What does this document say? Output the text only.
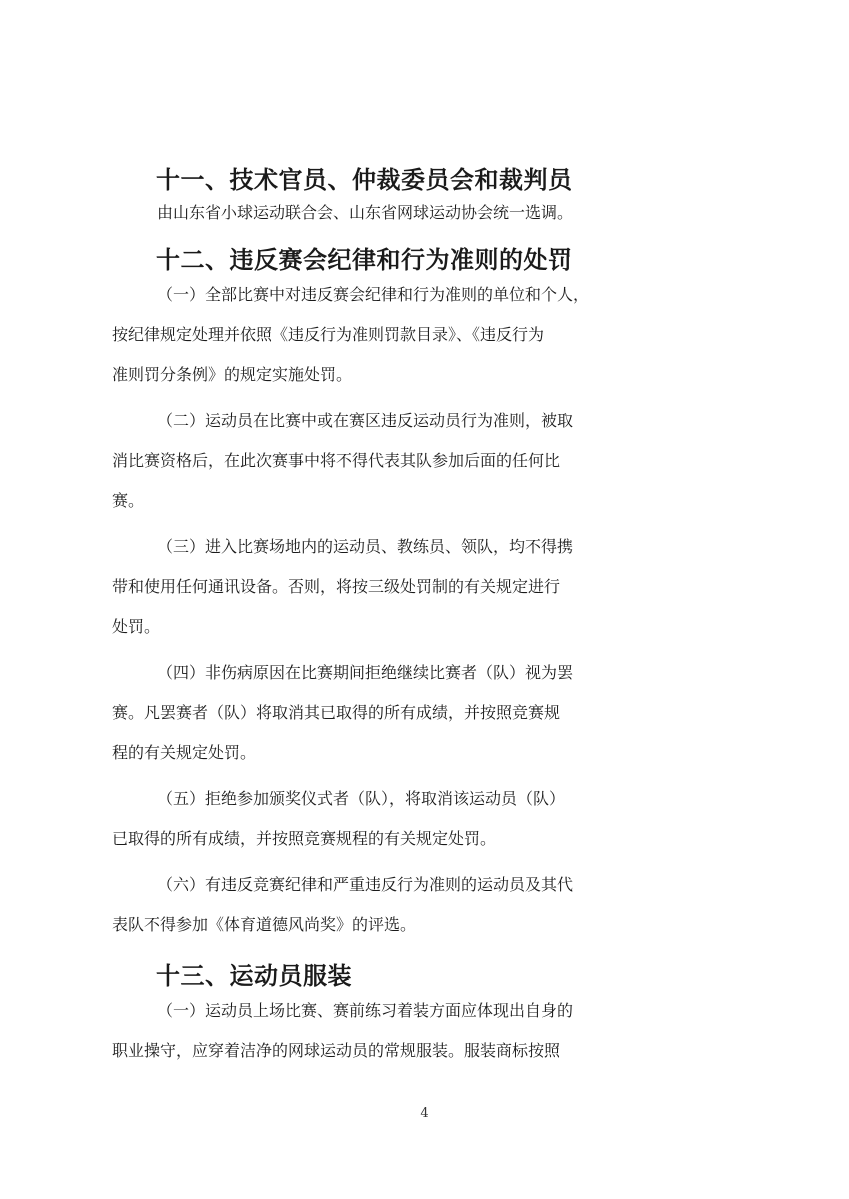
十一、技术官员、仲裁委员会和裁判员
由山东省小球运动联合会、山东省网球运动协会统一选调。
十二、违反赛会纪律和行为准则的处罚
（一）全部比赛中对违反赛会纪律和行为准则的单位和个人，
按纪律规定处理并依照《违反行为准则罚款目录》、《违反行为
准则罚分条例》的规定实施处罚。
（二）运动员在比赛中或在赛区违反运动员行为准则，被取
消比赛资格后，在此次赛事中将不得代表其队参加后面的任何比
赛。
（三）进入比赛场地内的运动员、教练员、领队，均不得携
带和使用任何通讯设备。否则，将按三级处罚制的有关规定进行
处罚。
（四）非伤病原因在比赛期间拒绝继续比赛者（队）视为罢
赛。凡罢赛者（队）将取消其已取得的所有成绩，并按照竞赛规
程的有关规定处罚。
（五）拒绝参加颁奖仪式者（队），将取消该运动员（队）
已取得的所有成绩，并按照竞赛规程的有关规定处罚。
（六）有违反竞赛纪律和严重违反行为准则的运动员及其代
表队不得参加《体育道德风尚奖》的评选。
十三、运动员服装
（一）运动员上场比赛、赛前练习着装方面应体现出自身的
职业操守，应穿着洁净的网球运动员的常规服装。服装商标按照
4
